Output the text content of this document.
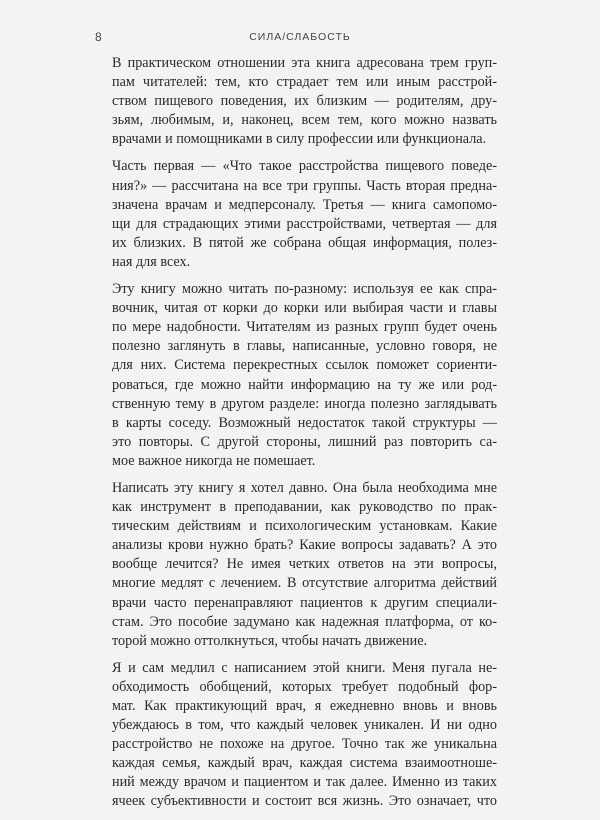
8	СИЛА/СЛАБОСТЬ
В практическом отношении эта книга адресована трем груп-
пам читателей: тем, кто страдает тем или иным расстрой-
ством пищевого поведения, их близким — родителям, дру-
зьям, любимым, и, наконец, всем тем, кого можно назвать
врачами и помощниками в силу профессии или функционала.
Часть первая — «Что такое расстройства пищевого поведе-
ния?» — рассчитана на все три группы. Часть вторая предна-
значена врачам и медперсоналу. Третья — книга самопомо-
щи для страдающих этими расстройствами, четвертая — для
их близких. В пятой же собрана общая информация, полез-
ная для всех.
Эту книгу можно читать по-разному: используя ее как спра-
вочник, читая от корки до корки или выбирая части и главы
по мере надобности. Читателям из разных групп будет очень
полезно заглянуть в главы, написанные, условно говоря, не
для них. Система перекрестных ссылок поможет сориенти-
роваться, где можно найти информацию на ту же или род-
ственную тему в другом разделе: иногда полезно заглядывать
в карты соседу. Возможный недостаток такой структуры —
это повторы. С другой стороны, лишний раз повторить са-
мое важное никогда не помешает.
Написать эту книгу я хотел давно. Она была необходима мне
как инструмент в преподавании, как руководство по прак-
тическим действиям и психологическим установкам. Какие
анализы крови нужно брать? Какие вопросы задавать? А это
вообще лечится? Не имея четких ответов на эти вопросы,
многие медлят с лечением. В отсутствие алгоритма действий
врачи часто перенаправляют пациентов к другим специали-
стам. Это пособие задумано как надежная платформа, от ко-
торой можно оттолкнуться, чтобы начать движение.
Я и сам медлил с написанием этой книги. Меня пугала не-
обходимость обобщений, которых требует подобный фор-
мат. Как практикующий врач, я ежедневно вновь и вновь
убеждаюсь в том, что каждый человек уникален. И ни одно
расстройство не похоже на другое. Точно так же уникальна
каждая семья, каждый врач, каждая система взаимоотноше-
ний между врачом и пациентом и так далее. Именно из таких
ячеек субъективности и состоит вся жизнь. Это означает, что
